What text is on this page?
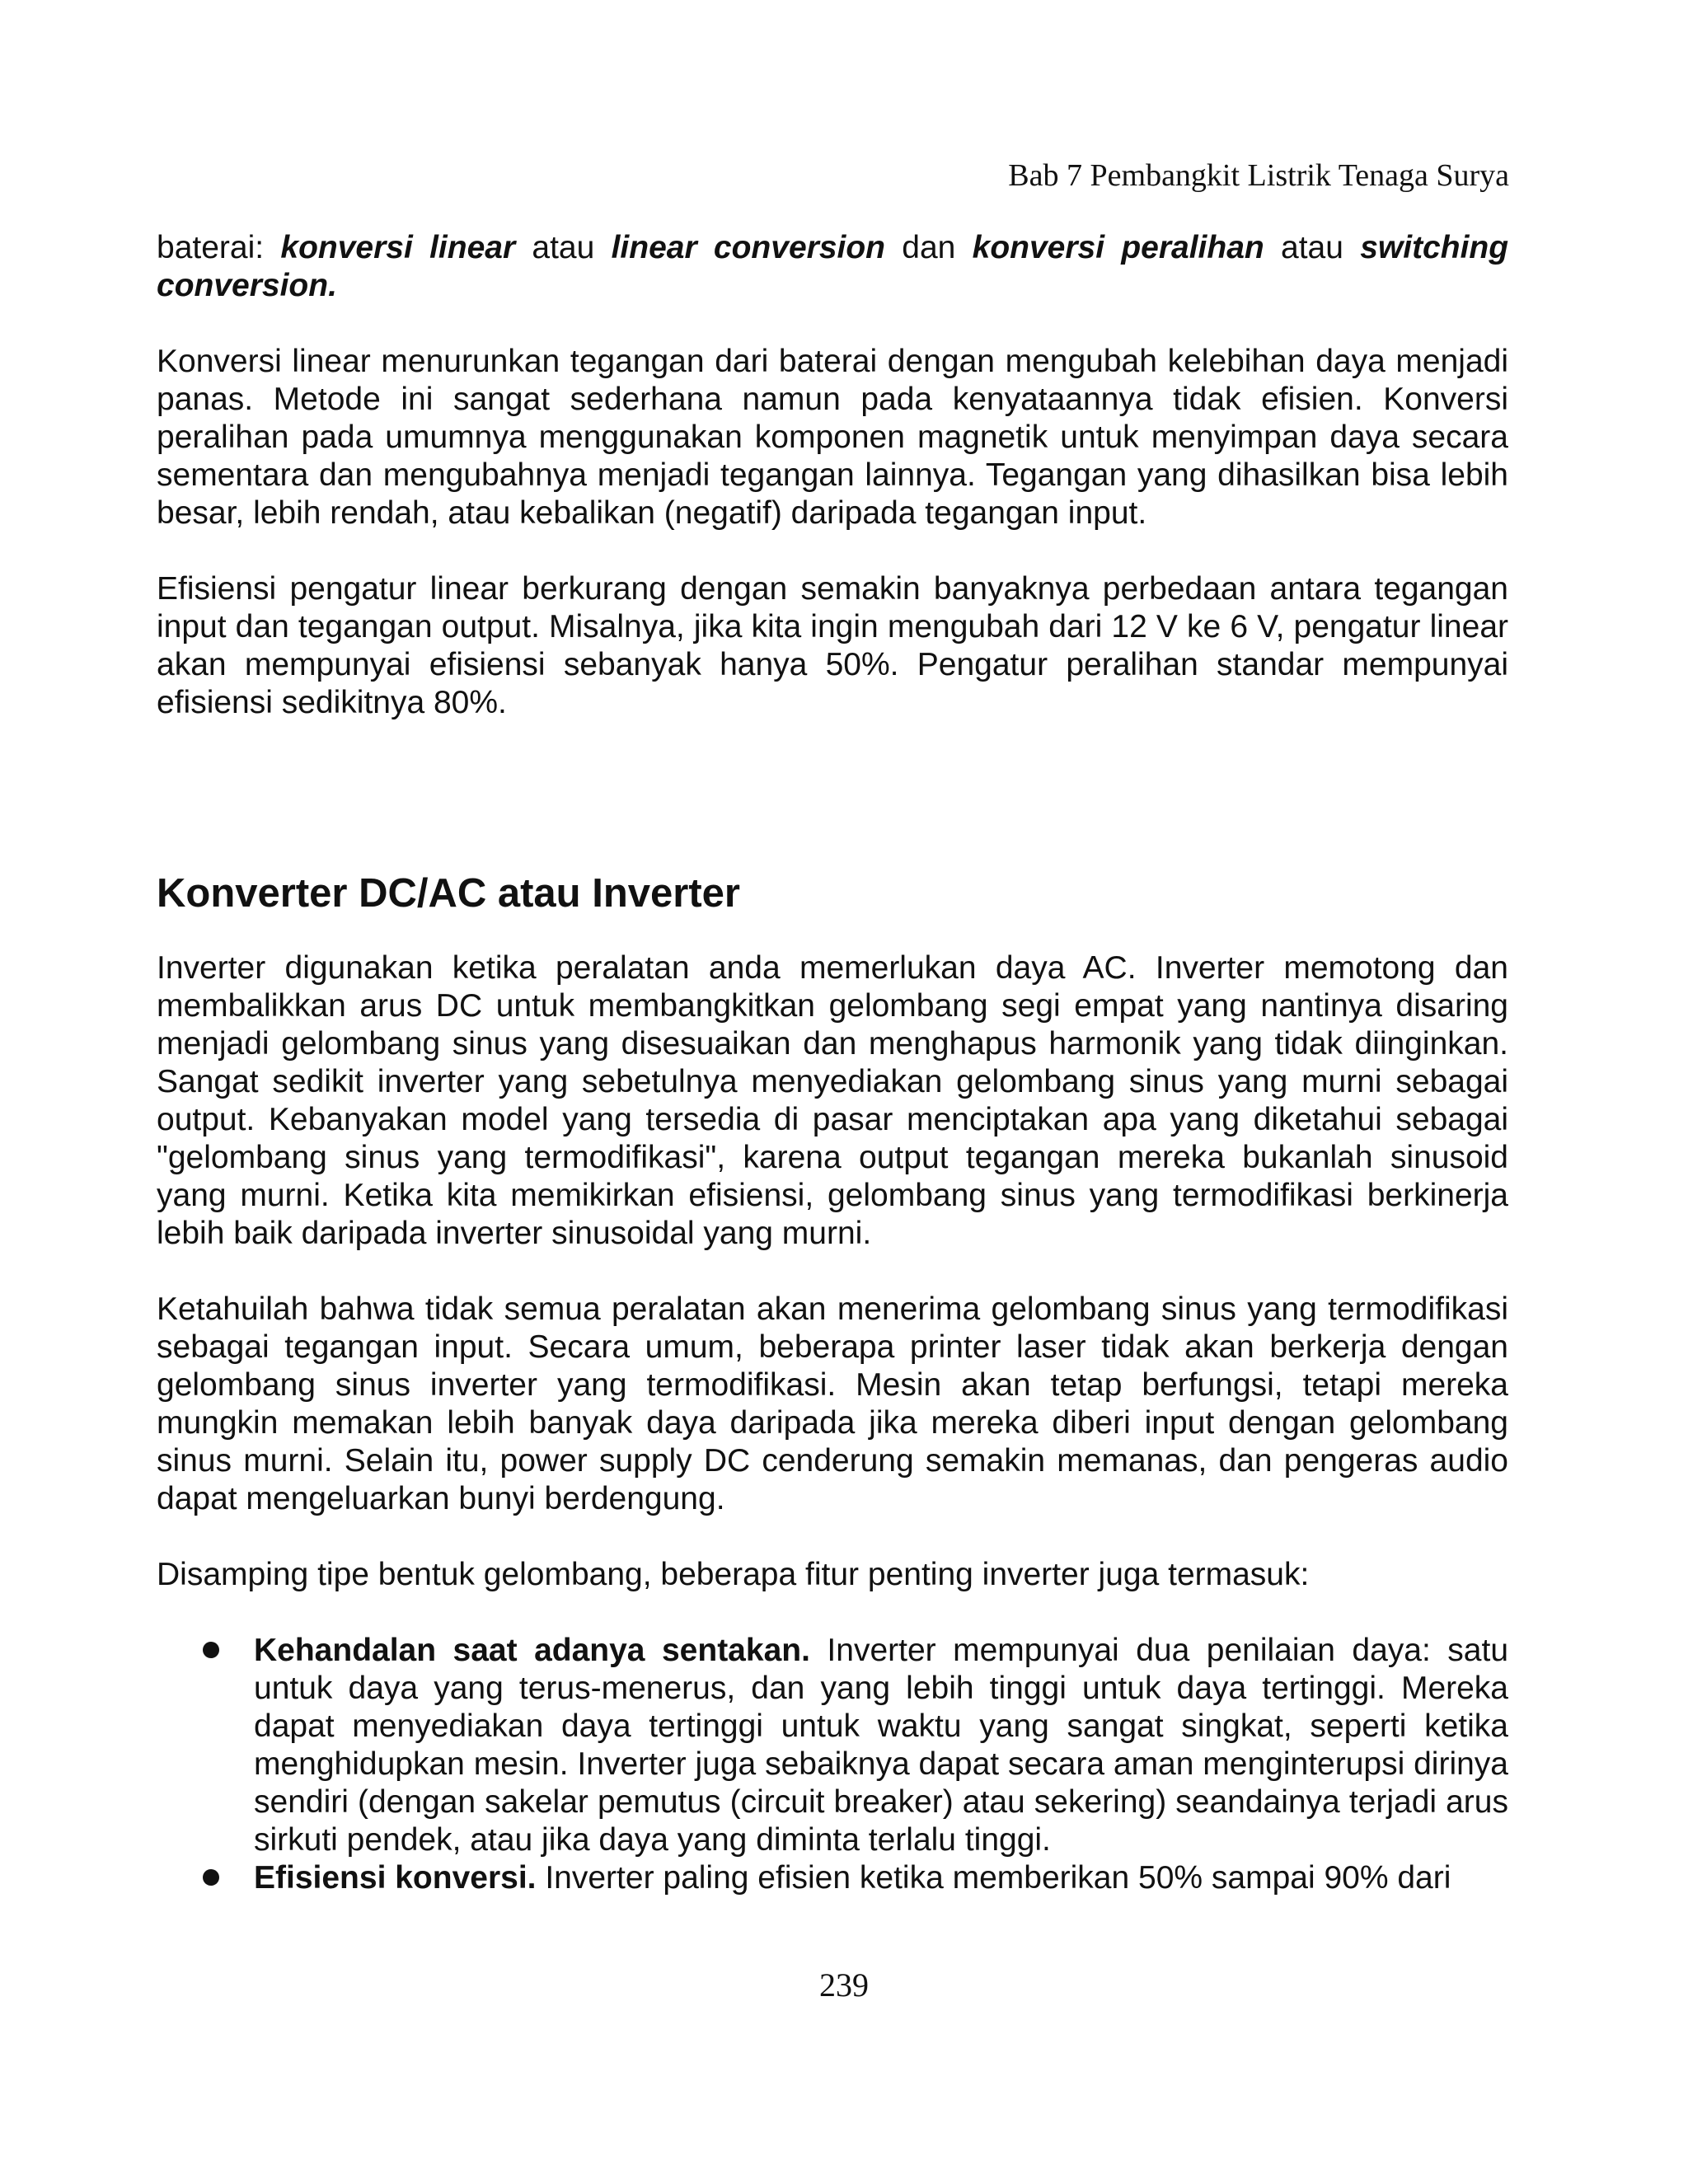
Bab 7 Pembangkit Listrik Tenaga Surya

baterai: konversi linear atau linear conversion dan konversi peralihan atau switching conversion.

Konversi linear menurunkan tegangan dari baterai dengan mengubah kelebihan daya menjadi panas. Metode ini sangat sederhana namun pada kenyataannya tidak efisien. Konversi peralihan pada umumnya menggunakan komponen magnetik untuk menyimpan daya secara sementara dan mengubahnya menjadi tegangan lainnya. Tegangan yang dihasilkan bisa lebih besar, lebih rendah, atau kebalikan (negatif) daripada tegangan input.

Efisiensi pengatur linear berkurang dengan semakin banyaknya perbedaan antara tegangan input dan tegangan output. Misalnya, jika kita ingin mengubah dari 12 V ke 6 V, pengatur linear akan mempunyai efisiensi sebanyak hanya 50%. Pengatur peralihan standar mempunyai efisiensi sedikitnya 80%.

Konverter DC/AC atau Inverter

Inverter digunakan ketika peralatan anda memerlukan daya AC. Inverter memotong dan membalikkan arus DC untuk membangkitkan gelombang segi empat yang nantinya disaring menjadi gelombang sinus yang disesuaikan dan menghapus harmonik yang tidak diinginkan. Sangat sedikit inverter yang sebetulnya menyediakan gelombang sinus yang murni sebagai output. Kebanyakan model yang tersedia di pasar menciptakan apa yang diketahui sebagai "gelombang sinus yang termodifikasi", karena output tegangan mereka bukanlah sinusoid yang murni. Ketika kita memikirkan efisiensi, gelombang sinus yang termodifikasi berkinerja lebih baik daripada inverter sinusoidal yang murni.

Ketahuilah bahwa tidak semua peralatan akan menerima gelombang sinus yang termodifikasi sebagai tegangan input. Secara umum, beberapa printer laser tidak akan berkerja dengan gelombang sinus inverter yang termodifikasi. Mesin akan tetap berfungsi, tetapi mereka mungkin memakan lebih banyak daya daripada jika mereka diberi input dengan gelombang sinus murni. Selain itu, power supply DC cenderung semakin memanas, dan pengeras audio dapat mengeluarkan bunyi berdengung.

Disamping tipe bentuk gelombang, beberapa fitur penting inverter juga termasuk:

Kehandalan saat adanya sentakan. Inverter mempunyai dua penilaian daya: satu untuk daya yang terus-menerus, dan yang lebih tinggi untuk daya tertinggi. Mereka dapat menyediakan daya tertinggi untuk waktu yang sangat singkat, seperti ketika menghidupkan mesin. Inverter juga sebaiknya dapat secara aman menginterupsi dirinya sendiri (dengan sakelar pemutus (circuit breaker) atau sekering) seandainya terjadi arus sirkuti pendek, atau jika daya yang diminta terlalu tinggi.
Efisiensi konversi. Inverter paling efisien ketika memberikan 50% sampai 90% dari
239
